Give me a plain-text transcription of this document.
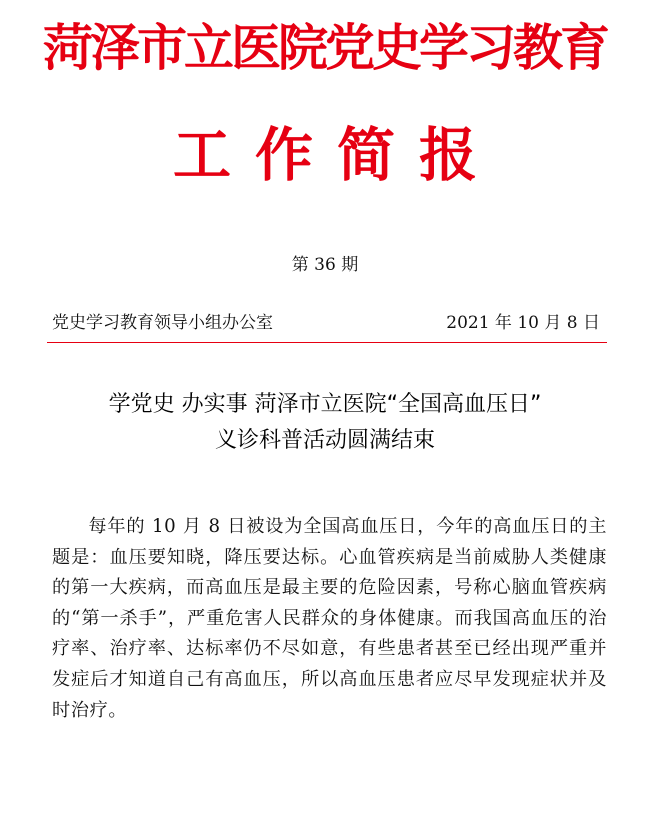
菏泽市立医院党史学习教育
工作简报
第 36 期
党史学习教育领导小组办公室	2021 年 10 月 8 日
学党史 办实事 菏泽市立医院“全国高血压日”
义诊科普活动圆满结束

每年的 10 月 8 日被设为全国高血压日，今年的高血压日的主题是：血压要知晓，降压要达标。心血管疾病是当前威胁人类健康的第一大疾病，而高血压是最主要的危险因素，号称心脑血管疾病的“第一杀手”，严重危害人民群众的身体健康。而我国高血压的治疗率、治疗率、达标率仍不尽如意，有些患者甚至已经出现严重并发症后才知道自己有高血压，所以高血压患者应尽早发现症状并及时治疗。
